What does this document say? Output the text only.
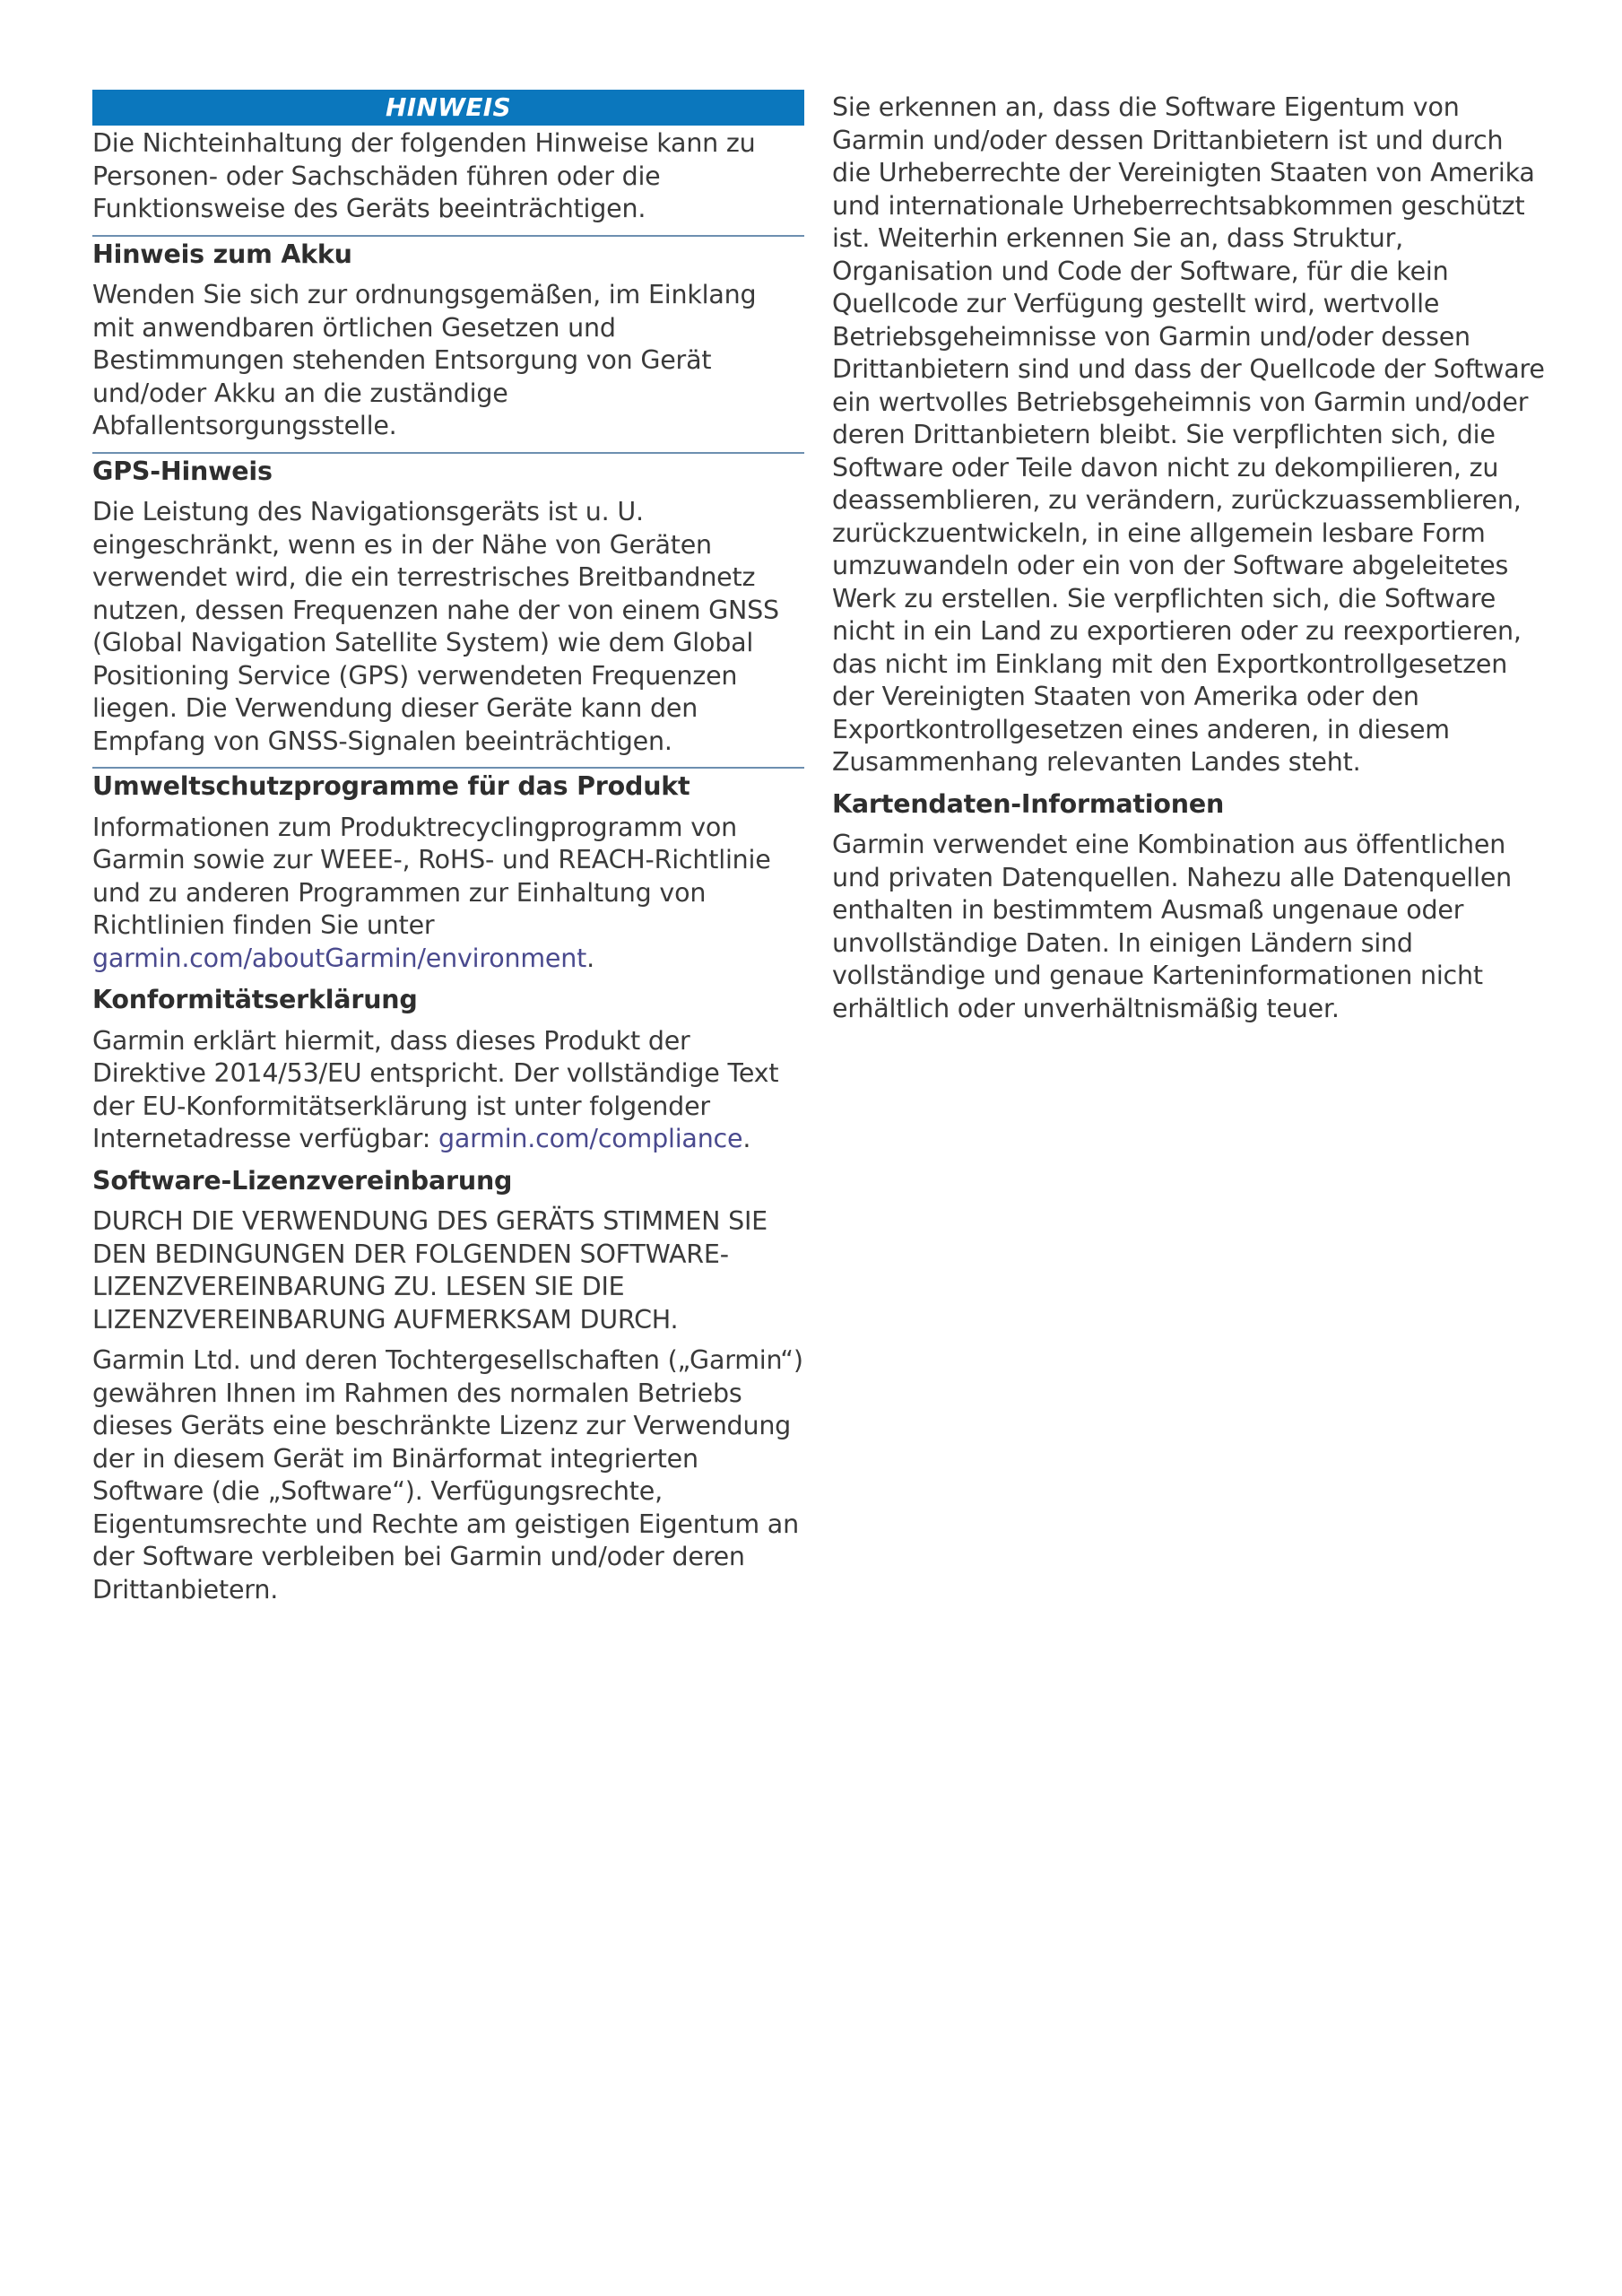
HINWEIS

Die Nichteinhaltung der folgenden Hinweise kann zu Personen- oder Sachschäden führen oder die Funktionsweise des Geräts beeinträchtigen.

Hinweis zum Akku

Wenden Sie sich zur ordnungsgemäßen, im Einklang mit anwendbaren örtlichen Gesetzen und Bestimmungen stehenden Entsorgung von Gerät und/oder Akku an die zuständige Abfallentsorgungsstelle.

GPS-Hinweis

Die Leistung des Navigationsgeräts ist u. U. eingeschränkt, wenn es in der Nähe von Geräten verwendet wird, die ein terrestrisches Breitbandnetz nutzen, dessen Frequenzen nahe der von einem GNSS (Global Navigation Satellite System) wie dem Global Positioning Service (GPS) verwendeten Frequenzen liegen. Die Verwendung dieser Geräte kann den Empfang von GNSS-Signalen beeinträchtigen.

Umweltschutzprogramme für das Produkt

Informationen zum Produktrecyclingprogramm von Garmin sowie zur WEEE-, RoHS- und REACH-Richtlinie und zu anderen Programmen zur Einhaltung von Richtlinien finden Sie unter garmin.com/aboutGarmin/environment.

Konformitätserklärung

Garmin erklärt hiermit, dass dieses Produkt der Direktive 2014/53/EU entspricht. Der vollständige Text der EU-Konformitätserklärung ist unter folgender Internetadresse verfügbar: garmin.com/compliance.

Software-Lizenzvereinbarung

DURCH DIE VERWENDUNG DES GERÄTS STIMMEN SIE DEN BEDINGUNGEN DER FOLGENDEN SOFTWARE-LIZENZVEREINBARUNG ZU. LESEN SIE DIE LIZENZVEREINBARUNG AUFMERKSAM DURCH.

Garmin Ltd. und deren Tochtergesellschaften („Garmin“) gewähren Ihnen im Rahmen des normalen Betriebs dieses Geräts eine beschränkte Lizenz zur Verwendung der in diesem Gerät im Binärformat integrierten Software (die „Software“). Verfügungsrechte, Eigentumsrechte und Rechte am geistigen Eigentum an der Software verbleiben bei Garmin und/oder deren Drittanbietern.

Sie erkennen an, dass die Software Eigentum von Garmin und/oder dessen Drittanbietern ist und durch die Urheberrechte der Vereinigten Staaten von Amerika und internationale Urheberrechtsabkommen geschützt ist. Weiterhin erkennen Sie an, dass Struktur, Organisation und Code der Software, für die kein Quellcode zur Verfügung gestellt wird, wertvolle Betriebsgeheimnisse von Garmin und/oder dessen Drittanbietern sind und dass der Quellcode der Software ein wertvolles Betriebsgeheimnis von Garmin und/oder deren Drittanbietern bleibt. Sie verpflichten sich, die Software oder Teile davon nicht zu dekompilieren, zu deassemblieren, zu verändern, zurückzuassemblieren, zurückzuentwickeln, in eine allgemein lesbare Form umzuwandeln oder ein von der Software abgeleitetes Werk zu erstellen. Sie verpflichten sich, die Software nicht in ein Land zu exportieren oder zu reexportieren, das nicht im Einklang mit den Exportkontrollgesetzen der Vereinigten Staaten von Amerika oder den Exportkontrollgesetzen eines anderen, in diesem Zusammenhang relevanten Landes steht.

Kartendaten-Informationen

Garmin verwendet eine Kombination aus öffentlichen und privaten Datenquellen. Nahezu alle Datenquellen enthalten in bestimmtem Ausmaß ungenaue oder unvollständige Daten. In einigen Ländern sind vollständige und genaue Karteninformationen nicht erhältlich oder unverhältnismäßig teuer.
